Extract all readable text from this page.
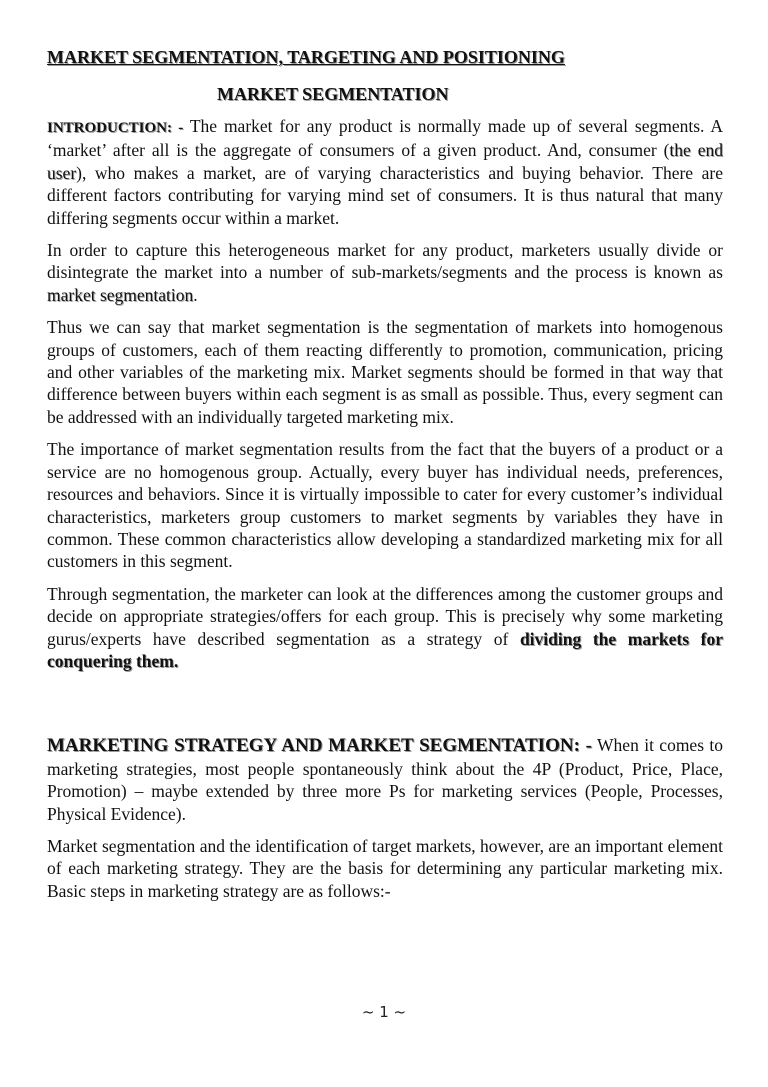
MARKET SEGMENTATION, TARGETING AND POSITIONING
MARKET SEGMENTATION

INTRODUCTION: - The market for any product is normally made up of several segments. A ‘market’ after all is the aggregate of consumers of a given product. And, consumer (the end user), who makes a market, are of varying characteristics and buying behavior. There are different factors contributing for varying mind set of consumers. It is thus natural that many differing segments occur within a market.

In order to capture this heterogeneous market for any product, marketers usually divide or disintegrate the market into a number of sub-markets/segments and the process is known as market segmentation.

Thus we can say that market segmentation is the segmentation of markets into homogenous groups of customers, each of them reacting differently to promotion, communication, pricing and other variables of the marketing mix. Market segments should be formed in that way that difference between buyers within each segment is as small as possible. Thus, every segment can be addressed with an individually targeted marketing mix.

The importance of market segmentation results from the fact that the buyers of a product or a service are no homogenous group. Actually, every buyer has individual needs, preferences, resources and behaviors. Since it is virtually impossible to cater for every customer’s individual characteristics, marketers group customers to market segments by variables they have in common. These common characteristics allow developing a standardized marketing mix for all customers in this segment.

Through segmentation, the marketer can look at the differences among the customer groups and decide on appropriate strategies/offers for each group. This is precisely why some marketing gurus/experts have described segmentation as a strategy of dividing the markets for conquering them.

MARKETING STRATEGY AND MARKET SEGMENTATION: - When it comes to marketing strategies, most people spontaneously think about the 4P (Product, Price, Place, Promotion) – maybe extended by three more Ps for marketing services (People, Processes, Physical Evidence).

Market segmentation and the identification of target markets, however, are an important element of each marketing strategy. They are the basis for determining any particular marketing mix. Basic steps in marketing strategy are as follows:-

~ 1 ~
